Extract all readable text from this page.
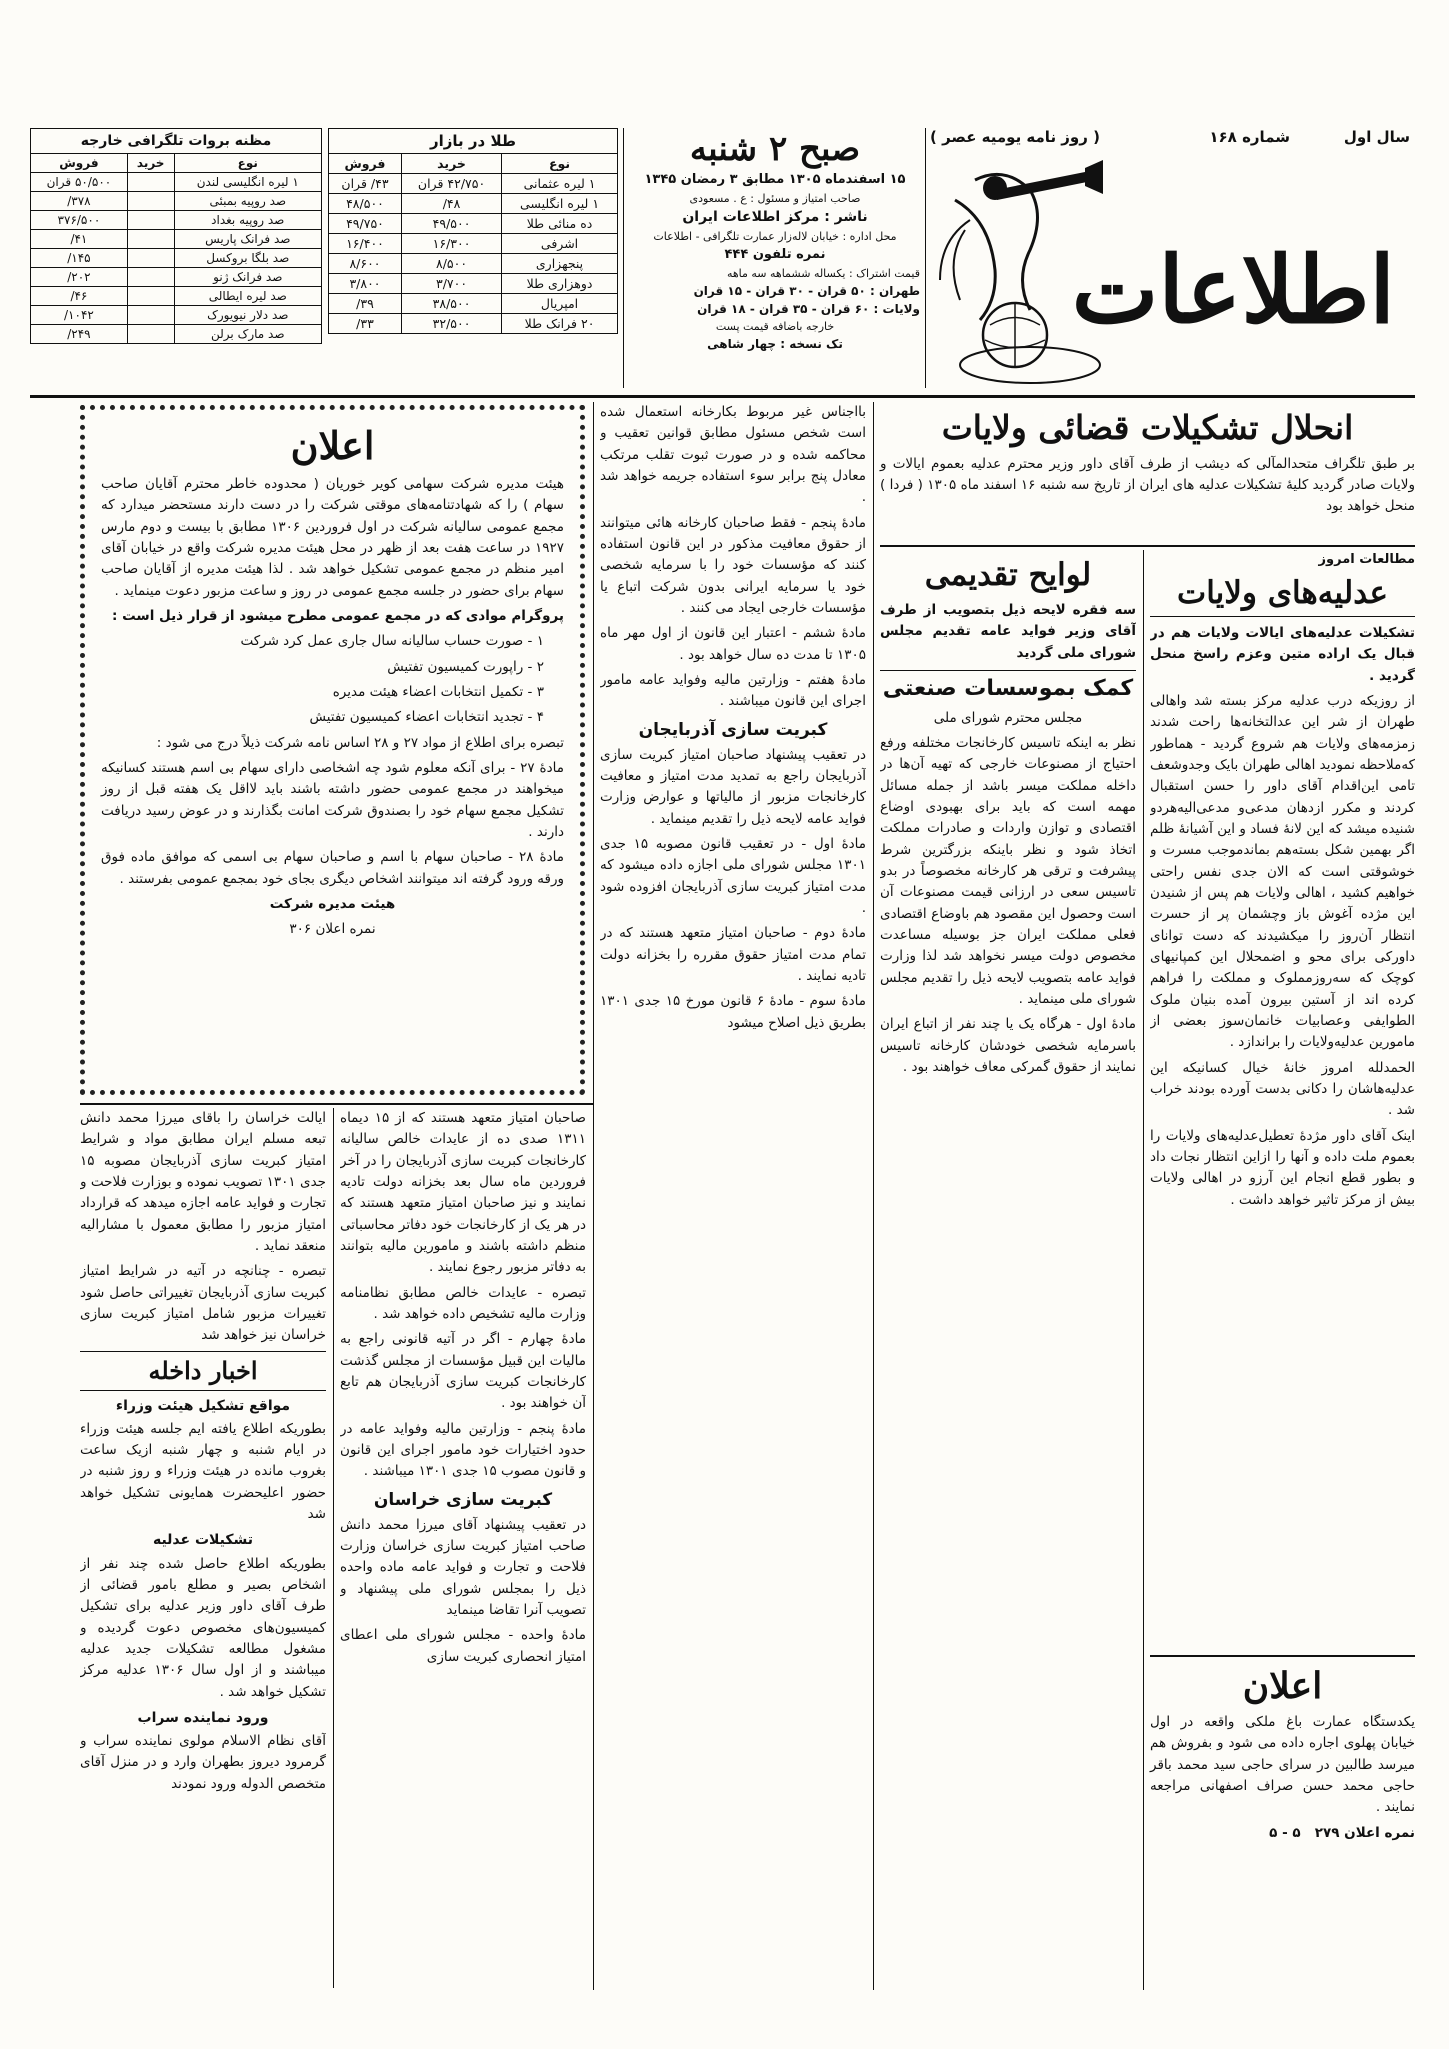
سال اول
شماره ۱۶۸
( روز نامه یومیه عصر )
اطلاعات
صبح ۲ شنبه
۱۵ اسفندماه ۱۳۰۵ مطابق ۳ رمضان ۱۳۴۵
صاحب امتیاز و مسئول : ع . مسعودی
ناشر : مرکز اطلاعات ایران
محل اداره : خیابان لاله‌زار عمارت تلگرافی - اطلاعات
نمره تلفون ۴۴۴
قیمت اشتراک : یکساله ششماهه سه ماهه
طهران : ۵۰ قران - ۳۰ قران - ۱۵ قران
ولایات : ۶۰ قران - ۳۵ قران - ۱۸ قران
خارجه باضافه قیمت پست
تک نسخه : چهار شاهی
طلا در بازار
نوع	خرید	فروش
۱ لیره عثمانی	۴۲/۷۵۰ قران	۴۳/ قران
۱ لیره انگلیسی	۴۸/	۴۸/۵۰۰
ده منائی طلا	۴۹/۵۰۰	۴۹/۷۵۰
اشرفی	۱۶/۳۰۰	۱۶/۴۰۰
پنجهزاری	۸/۵۰۰	۸/۶۰۰
دوهزاری طلا	۳/۷۰۰	۳/۸۰۰
امپریال	۳۸/۵۰۰	۳۹/
۲۰ فرانک طلا	۳۲/۵۰۰	۳۳/
مظنه بروات تلگرافی خارجه
نوع	خرید	فروش
۱ لیره انگلیسی لندن		۵۰/۵۰۰ قران
صد روپیه بمبئی		۳۷۸/
صد روپیه بغداد		۳۷۶/۵۰۰
صد فرانک پاریس		۴۱/
صد بلگا بروکسل		۱۴۵/
صد فرانک ژنو		۲۰۲/
صد لیره ایطالی		۴۶/
صد دلار نیویورک		۱۰۴۲/
صد مارک برلن		۲۴۹/
انحلال تشکیلات قضائی ولایات
بر طبق تلگراف متحدالمآلی که دیشب از طرف آقای داور وزیر محترم عدلیه بعموم ایالات و ولایات صادر گردید کلیهٔ تشکیلات عدلیه های ایران از تاریخ سه شنبه ۱۶ اسفند ماه ۱۳۰۵ ( فردا ) منحل خواهد بود
مطالعات امروز
عدلیه‌های ولایات

تشکیلات عدلیه‌های ایالات ولایات هم در قبال یک اراده متین وعزم راسخ منحل گردید .

از روزیکه درب عدلیه مرکز بسته شد واهالی طهران از شر این عدالتخانه‌ها راحت شدند زمزمه‌های ولایات هم شروع گردید - هماطور که‌ملاحظه نمودید اهالی طهران بایک وجدوشعف تامی این‌اقدام آقای داور را حسن استقبال کردند و مکرر ازدهان مدعی‌و مدعی‌الیه‌هردو شنیده میشد که این لانهٔ فساد و این آشیانهٔ ظلم اگر بهمین شکل بسته‌هم بماندموجب مسرت و خوشوقتی است که الان جدی نفس راحتی خواهیم کشید ، اهالی ولایات هم پس از شنیدن این مژده آغوش باز وچشمان پر از حسرت انتظار آن‌روز را میکشیدند که دست توانای داورکی برای محو و اضمحلال این کمپانیهای کوچک که سه‌روزمملوک و مملکت را فراهم کرده اند از آستین بیرون آمده بنیان ملوک الطوایفی وعصابیات خانمان‌سوز بعضی از مامورین عدلیه‌ولایات را براندازد .

الحمدلله امروز خانهٔ خیال کسانیکه این عدلیه‌هاشان را دکانی بدست آورده بودند خراب شد .

اینک آقای داور مژدهٔ تعطیل‌عدلیه‌های ولایات را بعموم ملت داده و آنها را ازاین انتظار نجات داد و بطور قطع انجام این آرزو در اهالی ولایات بیش از مرکز تاثیر خواهد داشت .

اعلان

یکدستگاه عمارت باغ ملکی واقعه در اول خیابان پهلوی اجاره داده می شود و بفروش هم میرسد طالبین در سرای حاجی سید محمد باقر حاجی محمد حسن صراف اصفهانی مراجعه نمایند .

نمره اعلان ۲۷۹   ۵ - ۵

لوایح تقدیمی

سه فقره لایحه ذیل بتصویب از طرف آقای وزیر فواید عامه تقدیم مجلس شورای ملی گردید

کمک بموسسات صنعتی

مجلس محترم شورای ملی

نظر به اینکه تاسیس کارخانجات مختلفه ورفع احتیاج از مصنوعات خارجی که تهیه آن‌ها در داخله مملکت میسر باشد از جمله مسائل مهمه است که باید برای بهبودی اوضاع اقتصادی و توازن واردات و صادرات مملکت اتخاذ شود و نظر باینکه بزرگترین شرط پیشرفت و ترقی هر کارخانه مخصوصاً در بدو تاسیس سعی در ارزانی قیمت مصنوعات آن است وحصول این مقصود هم باوضاع اقتصادی فعلی مملکت ایران جز بوسیله مساعدت مخصوص دولت میسر نخواهد شد لذا وزارت فواید عامه بتصویب لایحه ذیل را تقدیم مجلس شورای ملی مینماید .

مادهٔ اول - هرگاه یک یا چند نفر از اتباع ایران باسرمایه شخصی خودشان کارخانه تاسیس نمایند از حقوق گمرکی معاف خواهند بود .

بااجناس غیر مربوط بکارخانه استعمال شده است شخص مسئول مطابق قوانین تعقیب و محاکمه شده و در صورت ثبوت تقلب مرتکب معادل پنج برابر سوء استفاده جریمه خواهد شد .

مادهٔ پنجم - فقط صاحبان کارخانه هائی میتوانند از حقوق معافیت مذکور در این قانون استفاده کنند که مؤسسات خود را با سرمایه شخصی خود یا سرمایه ایرانی بدون شرکت اتباع یا مؤسسات خارجی ایجاد می کنند .

مادهٔ ششم - اعتبار این قانون از اول مهر ماه ۱۳۰۵ تا مدت ده سال خواهد بود .

مادهٔ هفتم - وزارتین مالیه وفواید عامه مامور اجرای این قانون میباشند .

کبریت سازی آذربایجان

در تعقیب پیشنهاد صاحبان امتیاز کبریت سازی آذربایجان راجع به تمدید مدت امتیاز و معافیت کارخانجات مزبور از مالیاتها و عوارض وزارت فواید عامه لایحه ذیل را تقدیم مینماید .

مادهٔ اول - در تعقیب قانون مصوبه ۱۵ جدی ۱۳۰۱ مجلس شورای ملی اجازه داده میشود که مدت امتیاز کبریت سازی آذربایجان افزوده شود .

مادهٔ دوم - صاحبان امتیاز متعهد هستند که در تمام مدت امتیاز حقوق مقرره را بخزانه دولت تادیه نمایند .

مادهٔ سوم - مادهٔ ۶ قانون مورخ ۱۵ جدی ۱۳۰۱ بطریق ذیل اصلاح میشود

اعلان

هیئت مدیره شرکت سهامی کویر خوریان ( محدوده خاطر محترم آقایان صاحب سهام ) را که شهادتنامه‌های موقتی شرکت را در دست دارند مستحضر میدارد که مجمع عمومی سالیانه شرکت در اول فروردین ۱۳۰۶ مطابق با بیست و دوم مارس ۱۹۲۷ در ساعت هفت بعد از ظهر در محل هیئت مدیره شرکت واقع در خیابان آقای امیر منظم در مجمع عمومی تشکیل خواهد شد . لذا هیئت مدیره از آقایان صاحب سهام برای حضور در جلسه مجمع عمومی در روز و ساعت مزبور دعوت مینماید .

پروگرام موادی که در مجمع عمومی مطرح میشود از قرار ذیل است :

۱ - صورت حساب سالیانه سال جاری عمل کرد شرکت

۲ - راپورت کمیسیون تفتیش

۳ - تکمیل انتخابات اعضاء هیئت مدیره

۴ - تجدید انتخابات اعضاء کمیسیون تفتیش

تبصره برای اطلاع از مواد ۲۷ و ۲۸ اساس نامه شرکت ذیلاً درج می شود :

مادهٔ ۲۷ - برای آنکه معلوم شود چه اشخاصی دارای سهام بی اسم هستند کسانیکه میخواهند در مجمع عمومی حضور داشته باشند باید لااقل یک هفته قبل از روز تشکیل مجمع سهام خود را بصندوق شرکت امانت بگذارند و در عوض رسید دریافت دارند .

مادهٔ ۲۸ - صاحبان سهام با اسم و صاحبان سهام بی اسمی که موافق ماده فوق ورقه ورود گرفته اند میتوانند اشخاص دیگری بجای خود بمجمع عمومی بفرستند .

هیئت مدیره شرکت

نمره اعلان ۳۰۶

صاحبان امتیاز متعهد هستند که از ۱۵ دیماه ۱۳۱۱ صدی ده از عایدات خالص سالیانه کارخانجات کبریت سازی آذربایجان را در آخر فروردین ماه سال بعد بخزانه دولت تادیه نمایند و نیز صاحبان امتیاز متعهد هستند که در هر یک از کارخانجات خود دفاتر محاسباتی منظم داشته باشند و مامورین مالیه بتوانند به دفاتر مزبور رجوع نمایند .

تبصره - عایدات خالص مطابق نظامنامه وزارت مالیه تشخیص داده خواهد شد .

مادهٔ چهارم - اگر در آتیه قانونی راجع به مالیات این قبیل مؤسسات از مجلس گذشت کارخانجات کبریت سازی آذربایجان هم تابع آن خواهند بود .

مادهٔ پنجم - وزارتین مالیه وفواید عامه در حدود اختیارات خود مامور اجرای این قانون و قانون مصوب ۱۵ جدی ۱۳۰۱ میباشند .

کبریت سازی خراسان

در تعقیب پیشنهاد آقای میرزا محمد دانش صاحب امتیاز کبریت سازی خراسان وزارت فلاحت و تجارت و فواید عامه ماده واحده ذیل را بمجلس شورای ملی پیشنهاد و تصویب آنرا تقاضا مینماید

مادهٔ واحده - مجلس شورای ملی اعطای امتیاز انحصاری کبریت سازی

ایالت خراسان را باقای میرزا محمد دانش تبعه مسلم ایران مطابق مواد و شرایط امتیاز کبریت سازی آذربایجان مصوبه ۱۵ جدی ۱۳۰۱ تصویب نموده و بوزارت فلاحت و تجارت و فواید عامه اجازه میدهد که قرارداد امتیاز مزبور را مطابق معمول با مشارالیه منعقد نماید .

تبصره - چنانچه در آتیه در شرایط امتیاز کبریت سازی آذربایجان تغییراتی حاصل شود تغییرات مزبور شامل امتیاز کبریت سازی خراسان نیز خواهد شد

اخبار داخله
مواقع تشکیل هیئت وزراء

بطوریکه اطلاع یافته ایم جلسه هیئت وزراء در ایام شنبه و چهار شنبه ازیک ساعت بغروب مانده در هیئت وزراء و روز شنبه در حضور اعلیحضرت همایونی تشکیل خواهد شد

تشکیلات عدلیه

بطوریکه اطلاع حاصل شده چند نفر از اشخاص بصیر و مطلع بامور قضائی از طرف آقای داور وزیر عدلیه برای تشکیل کمیسیون‌های مخصوص دعوت گردیده و مشغول مطالعه تشکیلات جدید عدلیه میباشند و از اول سال ۱۳۰۶ عدلیه مرکز تشکیل خواهد شد .

ورود نماینده سراب

آقای نظام الاسلام مولوی نماینده سراب و گرمرود دیروز بطهران وارد و در منزل آقای متخصص الدوله ورود نمودند
